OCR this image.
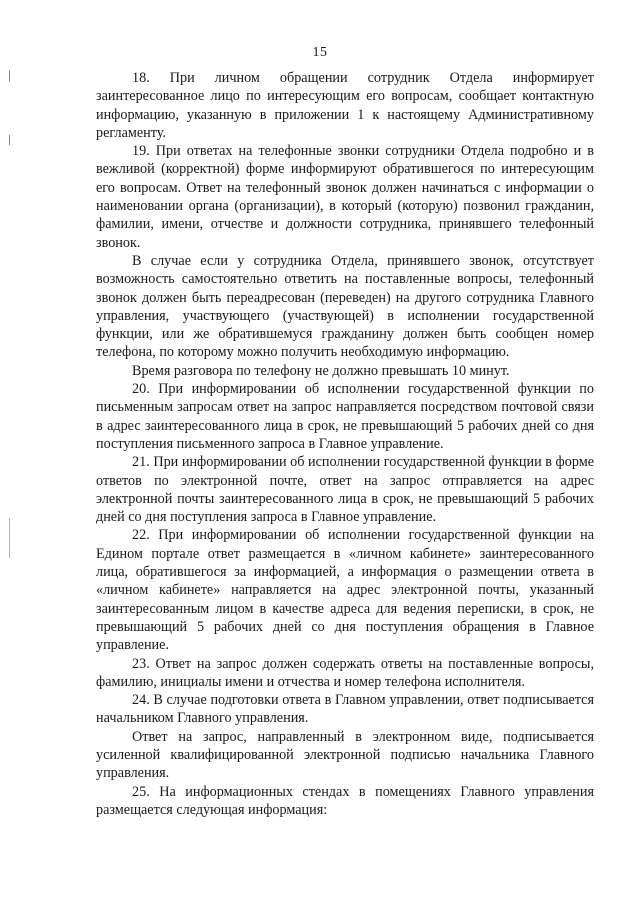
15

18. При личном обращении сотрудник Отдела информирует заинтересованное лицо по интересующим его вопросам, сообщает контактную информацию, указанную в приложении 1 к настоящему Административному регламенту.

19. При ответах на телефонные звонки сотрудники Отдела подробно и в вежливой (корректной) форме информируют обратившегося по интересующим его вопросам. Ответ на телефонный звонок должен начинаться с информации о наименовании органа (организации), в который (которую) позвонил гражданин, фамилии, имени, отчестве и должности сотрудника, принявшего телефонный звонок.

В случае если у сотрудника Отдела, принявшего звонок, отсутствует возможность самостоятельно ответить на поставленные вопросы, телефонный звонок должен быть переадресован (переведен) на другого сотрудника Главного управления, участвующего (участвующей) в исполнении государственной функции, или же обратившемуся гражданину должен быть сообщен номер телефона, по которому можно получить необходимую информацию.

Время разговора по телефону не должно превышать 10 минут.

20. При информировании об исполнении государственной функции по письменным запросам ответ на запрос направляется посредством почтовой связи в адрес заинтересованного лица в срок, не превышающий 5 рабочих дней со дня поступления письменного запроса в Главное управление.

21. При информировании об исполнении государственной функции в форме ответов по электронной почте, ответ на запрос отправляется на адрес электронной почты заинтересованного лица в срок, не превышающий 5 рабочих дней со дня поступления запроса в Главное управление.

22. При информировании об исполнении государственной функции на Едином портале ответ размещается в «личном кабинете» заинтересованного лица, обратившегося за информацией, а информация о размещении ответа в «личном кабинете» направляется на адрес электронной почты, указанный заинтересованным лицом в качестве адреса для ведения переписки, в срок, не превышающий 5 рабочих дней со дня поступления обращения в Главное управление.

23. Ответ на запрос должен содержать ответы на поставленные вопросы, фамилию, инициалы имени и отчества и номер телефона исполнителя.

24. В случае подготовки ответа в Главном управлении, ответ подписывается начальником Главного управления.

Ответ на запрос, направленный в электронном виде, подписывается усиленной квалифицированной электронной подписью начальника Главного управления.

25. На информационных стендах в помещениях Главного управления размещается следующая информация:
